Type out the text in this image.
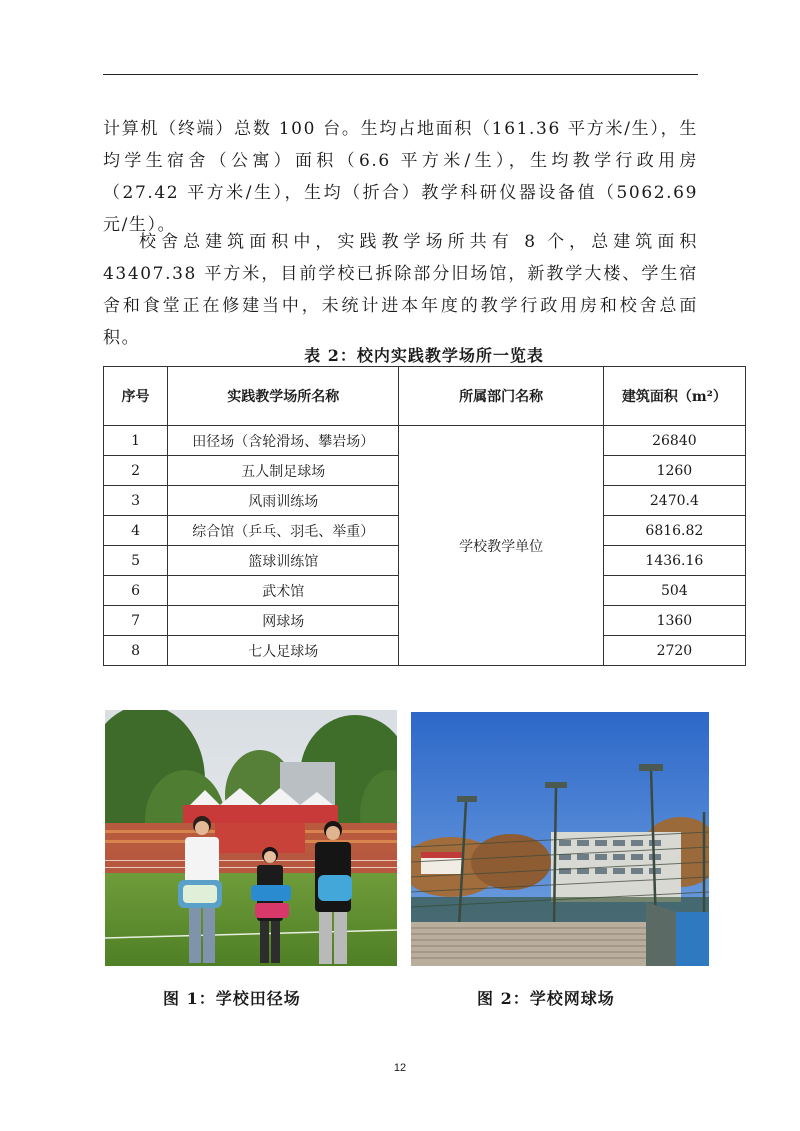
计算机（终端）总数 100 台。生均占地面积（161.36 平方米/生），生均学生宿舍（公寓）面积（6.6 平方米/生），生均教学行政用房（27.42 平方米/生），生均（折合）教学科研仪器设备值（5062.69 元/生）。

校舍总建筑面积中，实践教学场所共有 8 个，总建筑面积 43407.38 平方米，目前学校已拆除部分旧场馆，新教学大楼、学生宿舍和食堂正在修建当中，未统计进本年度的教学行政用房和校舍总面积。

表 2：校内实践教学场所一览表
序号	实践教学场所名称	所属部门名称	建筑面积（m²）
1	田径场（含轮滑场、攀岩场）	学校教学单位	26840
2	五人制足球场		1260
3	风雨训练场		2470.4
4	综合馆（乒乓、羽毛、举重）		6816.82
5	篮球训练馆		1436.16
6	武术馆		504
7	网球场		1360
8	七人足球场		2720
图 1：学校田径场	图 2：学校网球场
12
